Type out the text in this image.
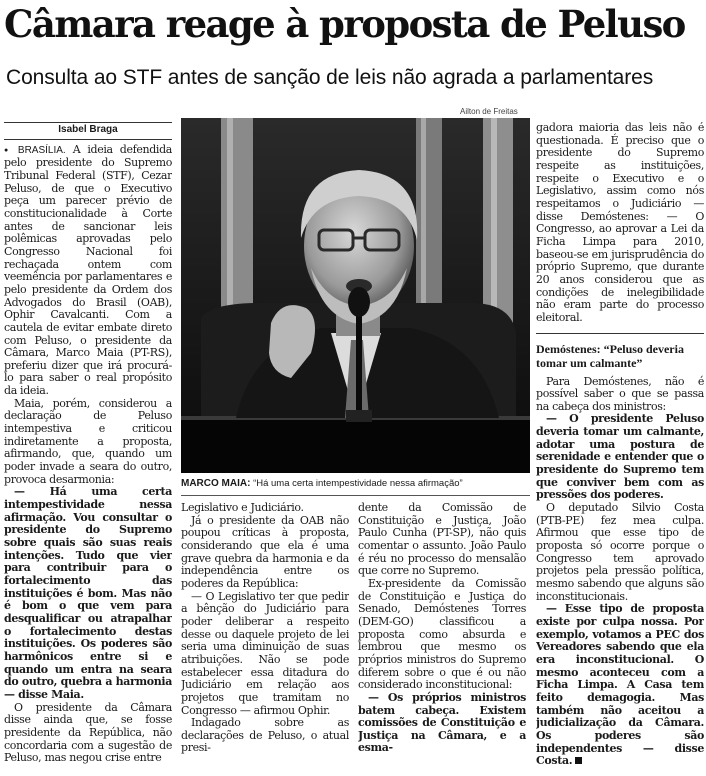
Câmara reage à proposta de Peluso
Consulta ao STF antes de sanção de leis não agrada a parlamentares
Ailton de Freitas
Isabel Braga

● BRASÍLIA. A ideia defendida pelo presidente do Supremo Tribunal Federal (STF), Cezar Peluso, de que o Executivo peça um parecer prévio de constitucionalidade à Corte antes de sancionar leis polêmicas aprovadas pelo Congresso Nacional foi rechaçada ontem com veemência por parlamentares e pelo presidente da Ordem dos Advogados do Brasil (OAB), Ophir Cavalcanti. Com a cautela de evitar embate direto com Peluso, o presidente da Câmara, Marco Maia (PT-RS), preferiu dizer que irá procurá-lo para saber o real propósito da ideia.

Maia, porém, considerou a declaração de Peluso intempestiva e criticou indiretamente a proposta, afirmando, que, quando um poder invade a seara do outro, provoca desarmonia:

— Há uma certa intempestividade nessa afirmação. Vou consultar o presidente do Supremo sobre quais são suas reais intenções. Tudo que vier para contribuir para o fortalecimento das instituições é bom. Mas não é bom o que vem para desqualificar ou atrapalhar o fortalecimento destas instituições. Os poderes são harmônicos entre si e quando um entra na seara do outro, quebra a harmonia — disse Maia.

O presidente da Câmara disse ainda que, se fosse presidente da República, não concordaria com a sugestão de Peluso, mas negou crise entre

MARCO MAIA: “Há uma certa intempestividade nessa afirmação”

Legislativo e Judiciário.

Já o presidente da OAB não poupou críticas à proposta, considerando que ela é uma grave quebra da harmonia e da independência entre os poderes da República:

— O Legislativo ter que pedir a bênção do Judiciário para poder deliberar a respeito desse ou daquele projeto de lei seria uma diminuição de suas atribuições. Não se pode estabelecer essa ditadura do Judiciário em relação aos projetos que tramitam no Congresso — afirmou Ophir.

Indagado sobre as declarações de Peluso, o atual presi-

dente da Comissão de Constituição e Justiça, João Paulo Cunha (PT-SP), não quis comentar o assunto. João Paulo é réu no processo do mensalão que corre no Supremo.

Ex-presidente da Comissão de Constituição e Justiça do Senado, Demóstenes Torres (DEM-GO) classificou a proposta como absurda e lembrou que mesmo os próprios ministros do Supremo diferem sobre o que é ou não considerado inconstitucional:

— Os próprios ministros batem cabeça. Existem comissões de Constituição e Justiça na Câmara, e a esma-

gadora maioria das leis não é questionada. É preciso que o presidente do Supremo respeite as instituições, respeite o Executivo e o Legislativo, assim como nós respeitamos o Judiciário — disse Demóstenes: — O Congresso, ao aprovar a Lei da Ficha Limpa para 2010, baseou-se em jurisprudência do próprio Supremo, que durante 20 anos considerou que as condições de inelegibilidade não eram parte do processo eleitoral.

Demóstenes: “Peluso deveria tomar um calmante”

Para Demóstenes, não é possível saber o que se passa na cabeça dos ministros:

— O presidente Peluso deveria tomar um calmante, adotar uma postura de serenidade e entender que o presidente do Supremo tem que conviver bem com as pressões dos poderes.

O deputado Silvio Costa (PTB-PE) fez mea culpa. Afirmou que esse tipo de proposta só ocorre porque o Congresso tem aprovado projetos pela pressão política, mesmo sabendo que alguns são inconstitucionais.

— Esse tipo de proposta existe por culpa nossa. Por exemplo, votamos a PEC dos Vereadores sabendo que ela era inconstitucional. O mesmo aconteceu com a Ficha Limpa. A Casa tem feito demagogia. Mas também não aceitou a judicialização da Câmara. Os poderes são independentes — disse Costa.
